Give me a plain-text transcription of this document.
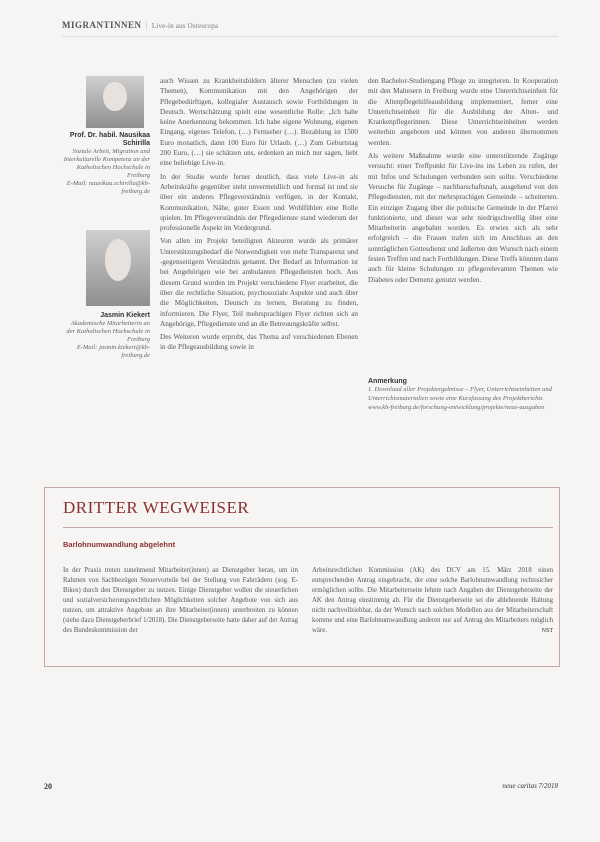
MIGRANTINNEN | Live-in aus Osteuropa
Prof. Dr. habil. Nausikaa Schirilla
Soziale Arbeit, Migration und Interkulturelle Kompetenz an der Katholischen Hochschule in Freiburg
E-Mail: nausikaa.schirilla@kh-freiburg.de
Jasmin Kiekert
Akademische Mitarbeiterin an der Katholischen Hochschule in Freiburg
E-Mail: jasmin.kiekert@kh-freiburg.de

auch Wissen zu Krankheitsbildern älterer Menschen (zu vielen Themen), Kommunikation mit den Angehörigen der Pflegebedürftigen, kollegialer Austausch sowie Fortbildungen in Deutsch. Wertschätzung spielt eine wesentliche Rolle: „Ich habe keine Anerkennung bekommen. Ich habe eigene Wohnung, eigenen Eingang, eigenes Telefon, (…) Fernseher (…). Bezahlung ist 1500 Euro monatlich, dann 100 Euro für Urlaub. (…) Zum Geburtstag 200 Euro, (…) sie schätzen uns, erdenken an mich nur sagen, liebt eine beliebige Live-in.

In der Studie wurde ferner deutlich, dass viele Live-in als Arbeitskräfte gegenüber steht unvermeidlich und formal ist und sie über ein anderes Pflegeverständnis verfügen, in der Kontakt, Kommunikation, Nähe, guter Essen und Wohlfühlen eine Rolle spielen. Im Pflegeverständnis der Pflegedienste stand wiederum der professionelle Aspekt im Vordergrund.

Von allen im Projekt beteiligten Akteuren wurde als primärer Unterstützungsbedarf die Notwendigkeit von mehr Transparenz und -gegenseitigem Verständnis genannt. Der Bedarf an Information ist bei Angehörigen wie bei ambulanten Pflegediensten hoch. Aus diesem Grund wurden im Projekt verschiedene Flyer erarbeitet, die über die rechtliche Situation, psychosoziale Aspekte und auch über die Möglichkeiten, Deutsch zu lernen, Beratung zu finden, informieren. Die Flyer, Teil mehrsprachigen Flyer richten sich an Angehörige, Pflegedienste und an die Betreuungskräfte selbst.

Des Weiteren wurde erprobt, das Thema auf verschiedenen Ebenen in die Pflegeausbildung sowie in

den Bachelor-Studiengang Pflege zu integrieren. In Kooperation mit den Maltesern in Freiburg wurde eine Unterrichtseinheit für die Altenpflegehilfeausbildung implementiert, ferner eine Unterrichtseinheit für die Ausbildung der Alten- und Krankenpflegerinnen. Diese Unterrichtseinheiten werden weiterhin angeboten und können von anderen übernommen werden.

Als weitere Maßnahme wurde eine unterstützende Zugänge versucht: einer Treffpunkt für Live-ins ins Leben zu rufen, der mit Infos und Schulungen verbunden sein sollte. Verschiedene Versuche für Zugänge – nachbarschaftsnah, ausgehend von den Pflegediensten, mit der mehrsprachigen Gemeinde – scheiterten. Ein einziger Zugang über die polnische Gemeinde in der Pfarrei funktionierte, und dieser war sehr niedrigschwellig über eine Mitarbeiterin angebahnt worden. Es erwies sich als sehr erfolgreich – die Frauen trafen sich im Anschluss an den sonntäglichen Gottesdienst und äußerten den Wunsch nach einem festen Treffen und nach Fortbildungen. Diese Treffs könnten dann auch für kleine Schulungen zu pflegerelevanten Themen wie Diabetes oder Demenz genutzt werden.

Anmerkung
1. Download aller Projektergebnisse – Flyer, Unterrichtseinheiten und Unterrichtsmaterialien sowie eine Kurzfassung des Projektberichts
www.kh-freiburg.de/forschung-entwicklung/projekte/neue-ausgaben
DRITTER WEGWEISER
Barlohnumwandlung abgelehnt
In der Praxis treten zunehmend Mitarbeiter(innen) an Dienstgeber heran, um im Rahmen von Sachbezügen Steuervorteile bei der Stellung von Fahrrädern (sog. E-Bikes) durch den Dienstgeber zu nutzen. Einige Dienstgeber wollen die steuerlichen und sozialversicherungsrechtlichen Möglichkeiten solcher Angebote von sich aus nutzen, um attraktive Angebote an ihre Mitarbeiter(innen) unterbreiten zu können (siehe dazu Dienstgeberbrief 1/2018). Die Dienstgeberseite hatte daher auf der Antrag des Bundeskommission der
Arbeitsrechtlichen Kommission (AK) des DCV am 15. März 2018 einen entsprechenden Antrag eingebracht, der eine solche Barlohnumwandlung rechtssicher ermöglichen sollte. Die Mitarbeiterseite lehnte nach Angaben der Dienstgeberseite der AK den Antrag einstimmig ab. Für die Dienstgeberseite sei die ablehnende Haltung nicht nachvollziehbar, da der Wunsch nach solchen Modellen aus der Mitarbeiterschaft komme und eine Barlohnumwandlung anderen nur auf Antrag des Mitarbeiters möglich wäre.	NST
20	neue caritas 7/2018
